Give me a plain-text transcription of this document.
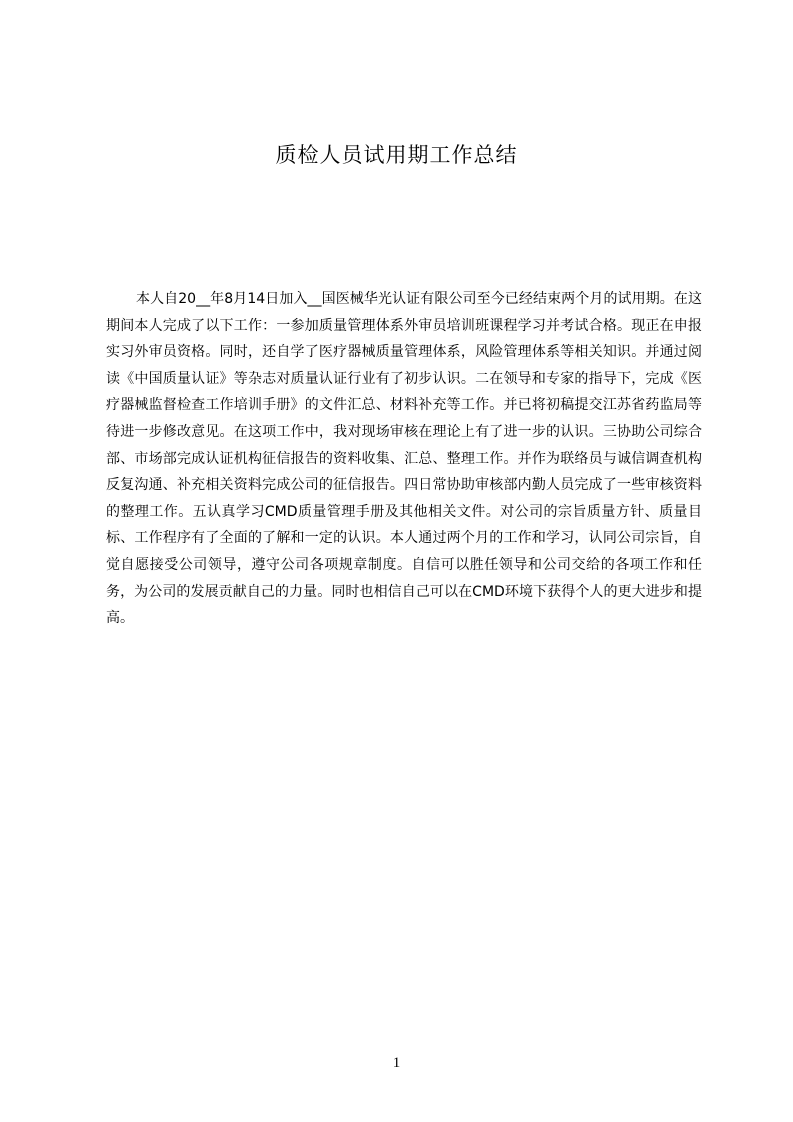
质检人员试用期工作总结

本人自20__年8月14日加入__国医械华光认证有限公司至今已经结束两个月的试用期。在这期间本人完成了以下工作：一参加质量管理体系外审员培训班课程学习并考试合格。现正在申报实习外审员资格。同时，还自学了医疗器械质量管理体系，风险管理体系等相关知识。并通过阅读《中国质量认证》等杂志对质量认证行业有了初步认识。二在领导和专家的指导下，完成《医疗器械监督检查工作培训手册》的文件汇总、材料补充等工作。并已将初稿提交江苏省药监局等待进一步修改意见。在这项工作中，我对现场审核在理论上有了进一步的认识。三协助公司综合部、市场部完成认证机构征信报告的资料收集、汇总、整理工作。并作为联络员与诚信调查机构反复沟通、补充相关资料完成公司的征信报告。四日常协助审核部内勤人员完成了一些审核资料的整理工作。五认真学习CMD质量管理手册及其他相关文件。对公司的宗旨质量方针、质量目标、工作程序有了全面的了解和一定的认识。本人通过两个月的工作和学习，认同公司宗旨，自觉自愿接受公司领导，遵守公司各项规章制度。自信可以胜任领导和公司交给的各项工作和任务，为公司的发展贡献自己的力量。同时也相信自己可以在CMD环境下获得个人的更大进步和提高。

1
